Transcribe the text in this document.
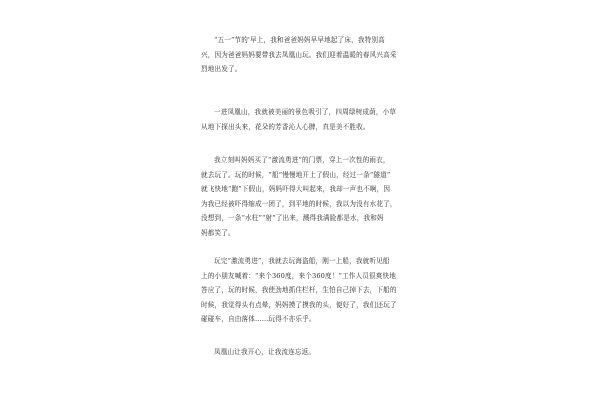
“五一”节的'早上，我和爸爸妈妈早早地起了床，我特别高
兴，因为爸爸妈妈要带我去凤凰山玩。我们迎着温暖的春风兴高采
烈地出发了。

一进凤凰山，我就被美丽的景色吸引了，四周绿树成荫，小草
从地下探出头来，花朵的芳香沁人心脾，真是美不胜收。

我立刻叫妈妈买了“激流勇进”的门票，穿上一次性的雨衣，
就去玩了。玩的时候，“船”慢慢地开上了假山，经过一条“隧道”
就飞快地“跑”下假山，妈妈吓得大叫起来，我却一声也不啊，因
为我已经被吓得缩成一团了，到平地的时候，我以为没有水花了，
没想到，一条“水柱”“射”了出来，溅得我满脸都是水，我和妈
妈都笑了。

玩完“激流勇进”，我就去玩海盗船，刚一上船，我就听见船
上的小朋友喊着：“来个360度，来个360度！”工作人员很爽快地
答应了，玩的时候，我使劲地抓住栏杆，生怕自己掉下去，下船的
时候，我觉得头有点晕，妈妈摸了摸我的头，便好了，我们还玩了
碰碰车，自由落体……玩得不亦乐乎。

凤凰山让我开心，让我流连忘返。
